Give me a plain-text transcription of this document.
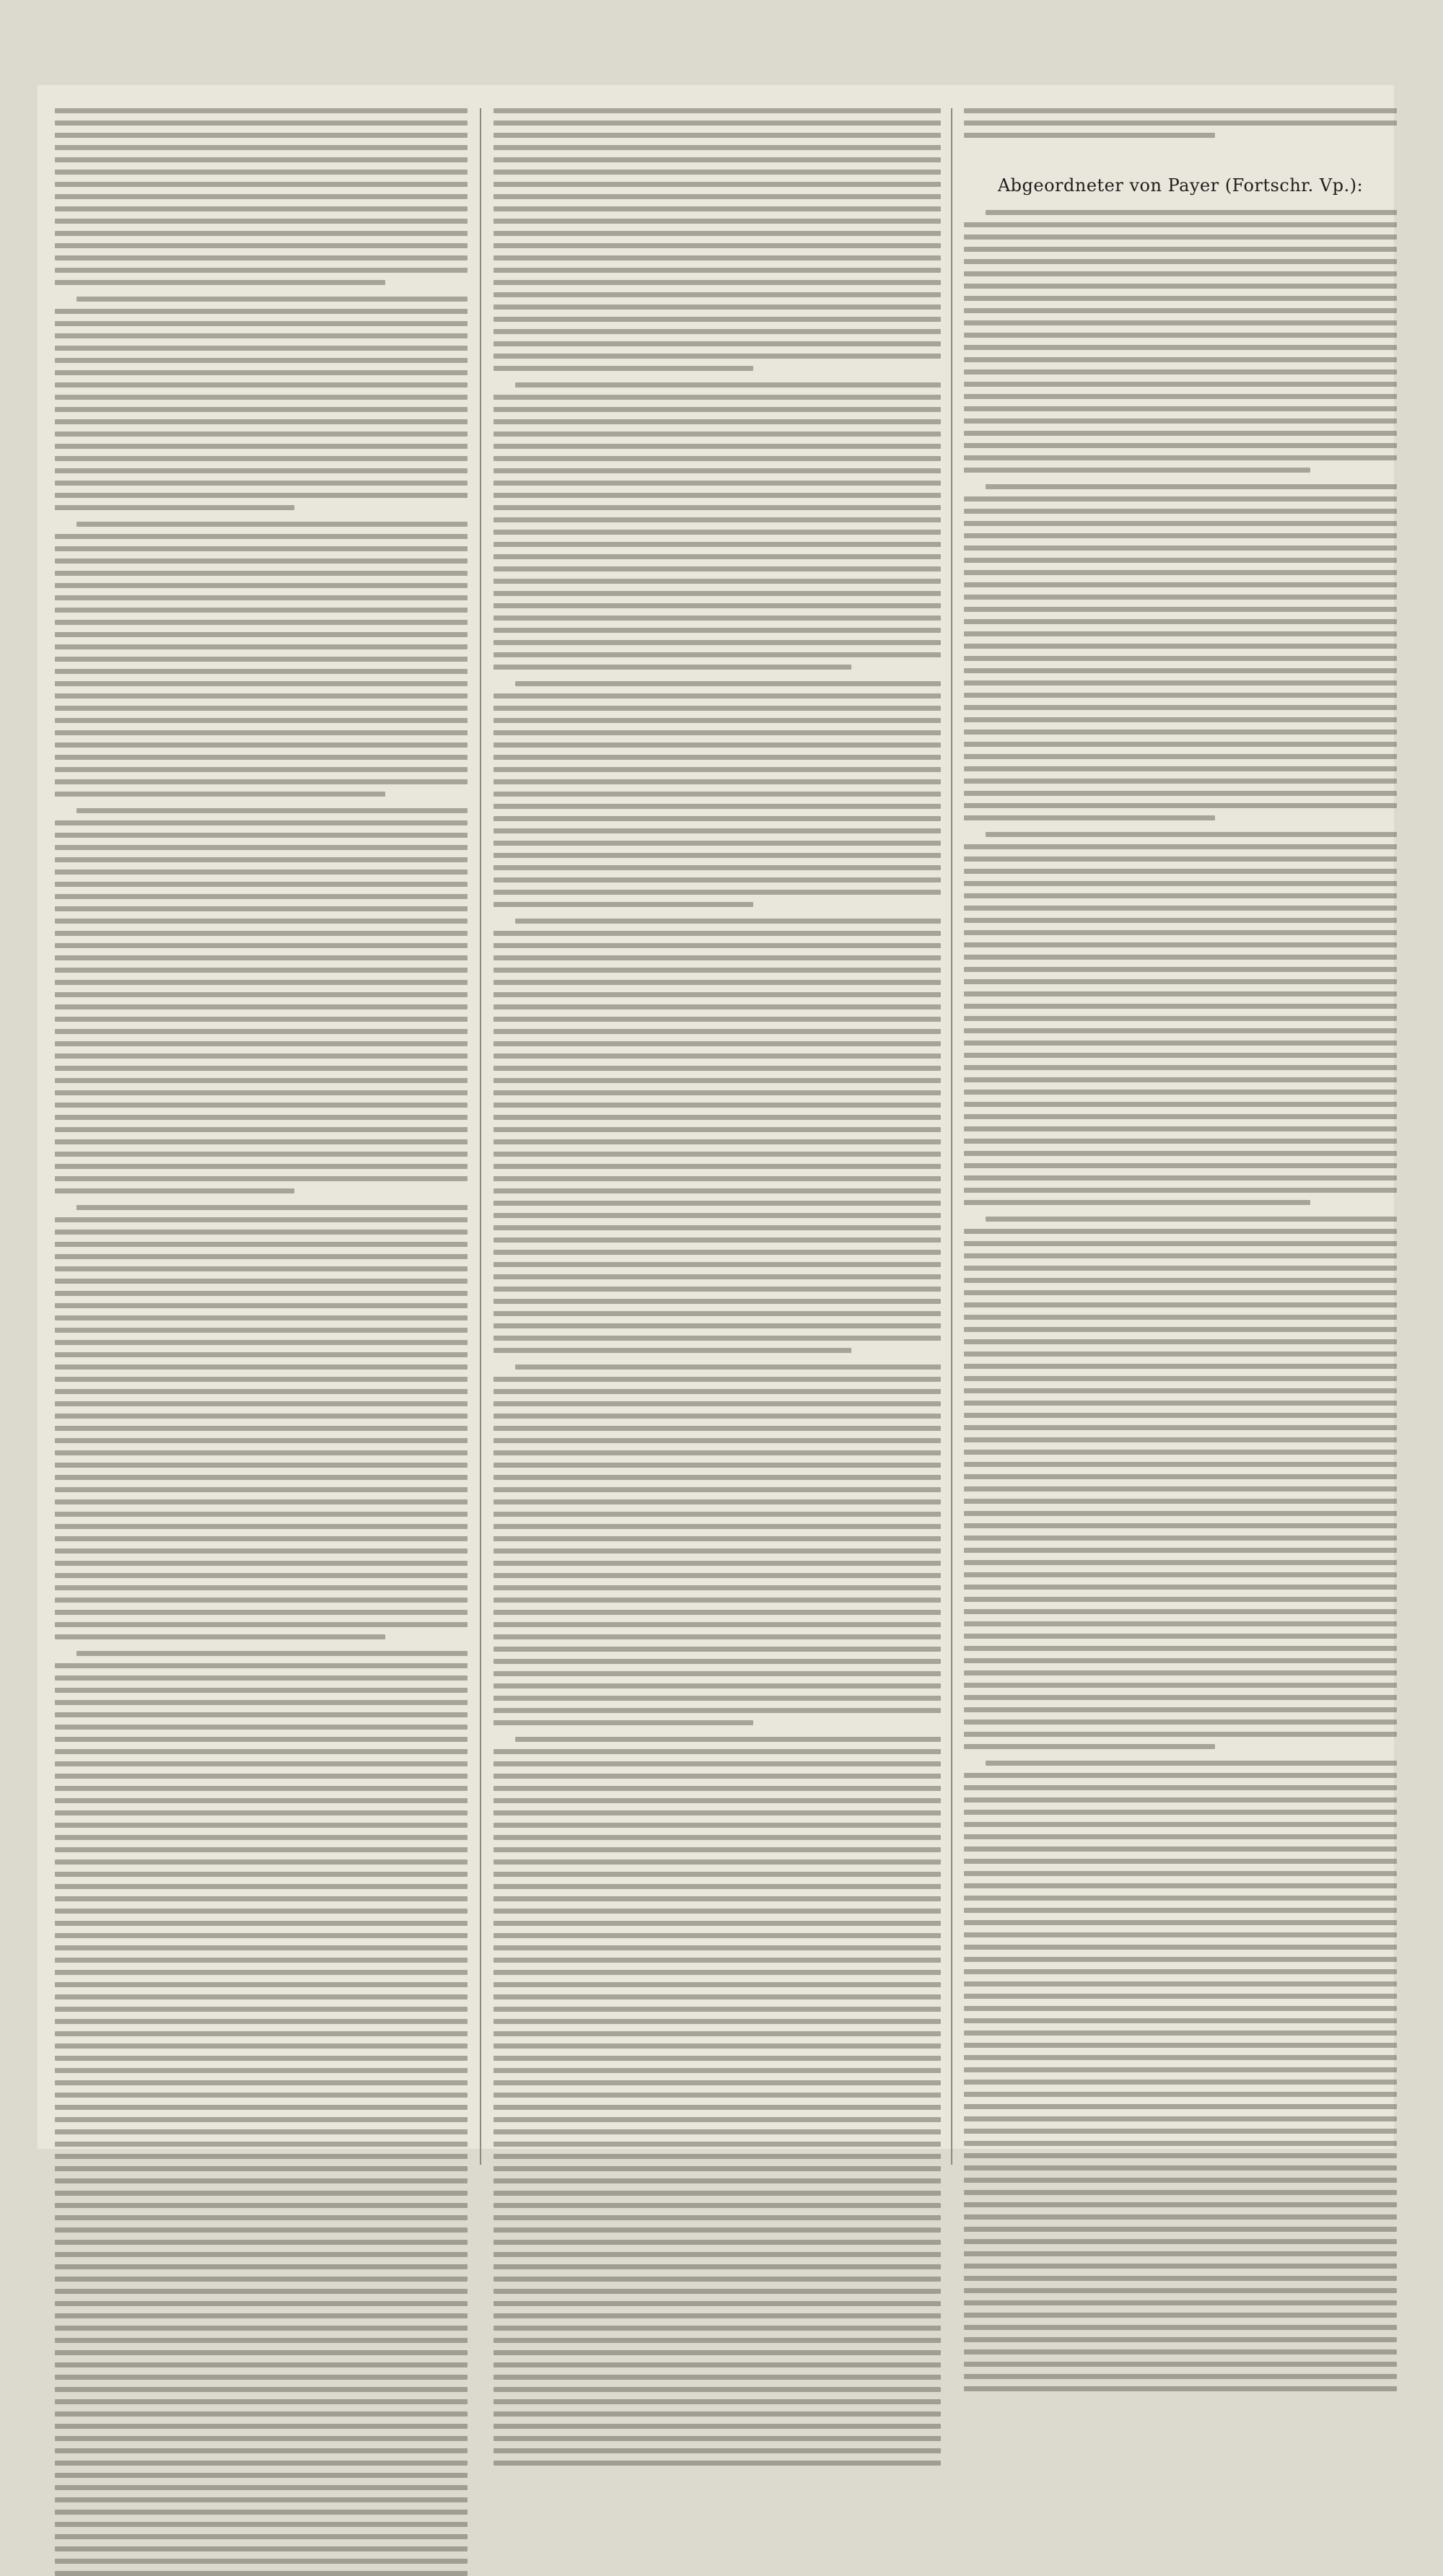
Abgeordneter von Payer (Fortschr. Vp.):
